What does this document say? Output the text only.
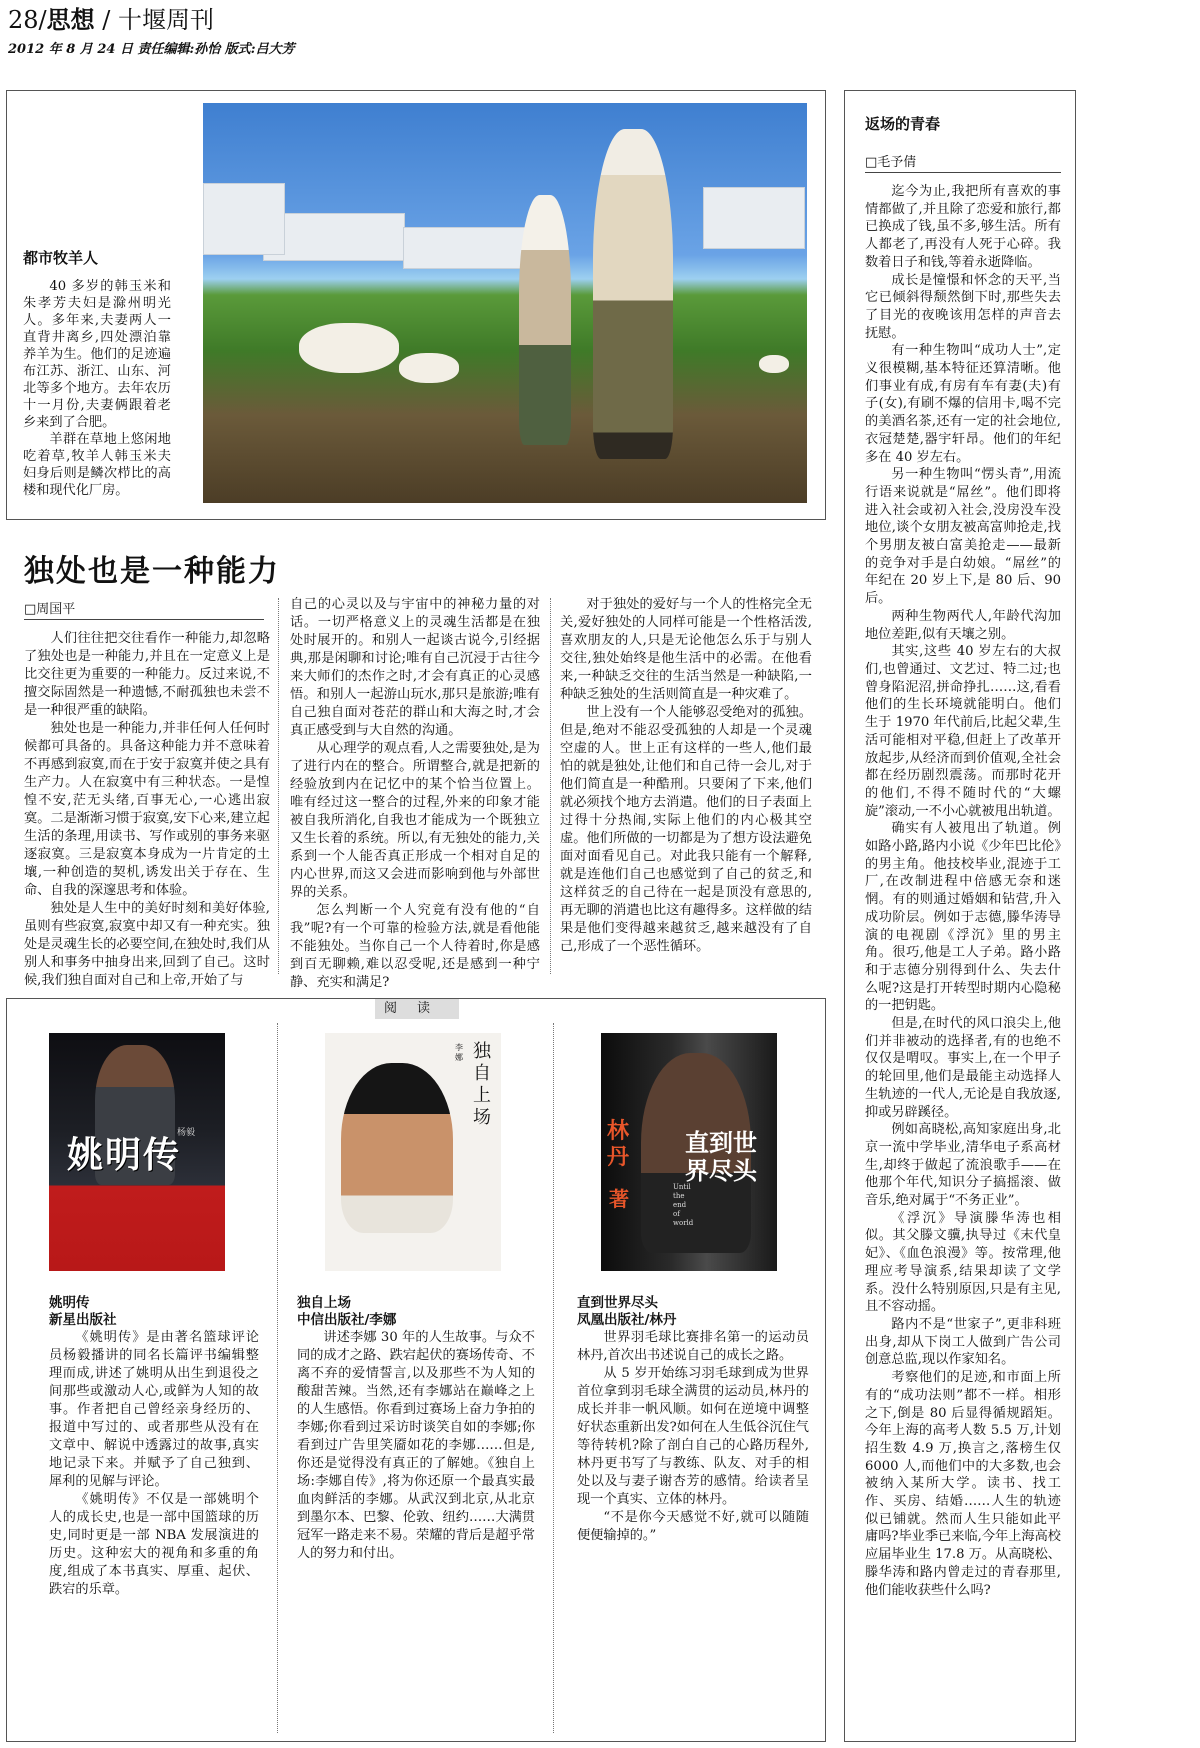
28/思想 / 十堰周刊
2012 年 8 月 24 日 责任编辑:孙怡 版式:吕大芳
都市牧羊人

40 多岁的韩玉米和朱孝芳夫妇是滁州明光人。多年来,夫妻两人一直背井离乡,四处漂泊靠养羊为生。他们的足迹遍布江苏、浙江、山东、河北等多个地方。去年农历十一月份,夫妻俩跟着老乡来到了合肥。

羊群在草地上悠闲地吃着草,牧羊人韩玉米夫妇身后则是鳞次栉比的高楼和现代化厂房。

独处也是一种能力
□周国平

人们往往把交往看作一种能力,却忽略了独处也是一种能力,并且在一定意义上是比交往更为重要的一种能力。反过来说,不擅交际固然是一种遗憾,不耐孤独也未尝不是一种很严重的缺陷。

独处也是一种能力,并非任何人任何时候都可具备的。具备这种能力并不意味着不再感到寂寞,而在于安于寂寞并使之具有生产力。人在寂寞中有三种状态。一是惶惶不安,茫无头绪,百事无心,一心逃出寂寞。二是渐渐习惯于寂寞,安下心来,建立起生活的条理,用读书、写作或别的事务来驱逐寂寞。三是寂寞本身成为一片肯定的土壤,一种创造的契机,诱发出关于存在、生命、自我的深邃思考和体验。

独处是人生中的美好时刻和美好体验,虽则有些寂寞,寂寞中却又有一种充实。独处是灵魂生长的必要空间,在独处时,我们从别人和事务中抽身出来,回到了自己。这时候,我们独自面对自己和上帝,开始了与

自己的心灵以及与宇宙中的神秘力量的对话。一切严格意义上的灵魂生活都是在独处时展开的。和别人一起谈古说今,引经据典,那是闲聊和讨论;唯有自己沉浸于古往今来大师们的杰作之时,才会有真正的心灵感悟。和别人一起游山玩水,那只是旅游;唯有自己独自面对苍茫的群山和大海之时,才会真正感受到与大自然的沟通。

从心理学的观点看,人之需要独处,是为了进行内在的整合。所谓整合,就是把新的经验放到内在记忆中的某个恰当位置上。唯有经过这一整合的过程,外来的印象才能被自我所消化,自我也才能成为一个既独立又生长着的系统。所以,有无独处的能力,关系到一个人能否真正形成一个相对自足的内心世界,而这又会进而影响到他与外部世界的关系。

怎么判断一个人究竟有没有他的“自我”呢?有一个可靠的检验方法,就是看他能不能独处。当你自己一个人待着时,你是感到百无聊赖,难以忍受呢,还是感到一种宁静、充实和满足?

对于独处的爱好与一个人的性格完全无关,爱好独处的人同样可能是一个性格活泼,喜欢朋友的人,只是无论他怎么乐于与别人交往,独处始终是他生活中的必需。在他看来,一种缺乏交往的生活当然是一种缺陷,一种缺乏独处的生活则简直是一种灾难了。

世上没有一个人能够忍受绝对的孤独。但是,绝对不能忍受孤独的人却是一个灵魂空虚的人。世上正有这样的一些人,他们最怕的就是独处,让他们和自己待一会儿,对于他们简直是一种酷刑。只要闲了下来,他们就必须找个地方去消遣。他们的日子表面上过得十分热闹,实际上他们的内心极其空虚。他们所做的一切都是为了想方设法避免面对面看见自己。对此我只能有一个解释,就是连他们自己也感觉到了自己的贫乏,和这样贫乏的自己待在一起是顶没有意思的,再无聊的消遣也比这有趣得多。这样做的结果是他们变得越来越贫乏,越来越没有了自己,形成了一个恶性循环。

阅读
姚明传
杨毅
姚明传
新星出版社

《姚明传》是由著名篮球评论员杨毅播讲的同名长篇评书编辑整理而成,讲述了姚明从出生到退役之间那些或激动人心,或鲜为人知的故事。作者把自己曾经亲身经历的、报道中写过的、或者那些从没有在文章中、解说中透露过的故事,真实地记录下来。并赋予了自己独到、犀利的见解与评论。

《姚明传》不仅是一部姚明个人的成长史,也是一部中国篮球的历史,同时更是一部 NBA 发展演进的历史。这种宏大的视角和多重的角度,组成了本书真实、厚重、起伏、跌宕的乐章。

独自上场
李娜
独自上场
中信出版社/李娜

讲述李娜 30 年的人生故事。与众不同的成才之路、跌宕起伏的赛场传奇、不离不弃的爱情誓言,以及那些不为人知的酸甜苦辣。当然,还有李娜站在巅峰之上的人生感悟。你看到过赛场上奋力争拍的李娜;你看到过采访时谈笑自如的李娜;你看到过广告里笑靥如花的李娜……但是,你还是觉得没有真正的了解她。《独自上场:李娜自传》,将为你还原一个最真实最血肉鲜活的李娜。从武汉到北京,从北京到墨尔本、巴黎、伦敦、纽约……大满贯冠军一路走来不易。荣耀的背后是超乎常人的努力和付出。

林丹
著
直到世界尽头
Until the end of world
直到世界尽头
凤凰出版社/林丹

世界羽毛球比赛排名第一的运动员林丹,首次出书述说自己的成长之路。

从 5 岁开始练习羽毛球到成为世界首位拿到羽毛球全满贯的运动员,林丹的成长并非一帆风顺。如何在逆境中调整好状态重新出发?如何在人生低谷沉住气等待转机?除了剖白自己的心路历程外,林丹更书写了与教练、队友、对手的相处以及与妻子谢杏芳的感情。给读者呈现一个真实、立体的林丹。

“不是你今天感觉不好,就可以随随便便输掉的。”

返场的青春
□毛予倩

迄今为止,我把所有喜欢的事情都做了,并且除了恋爱和旅行,都已换成了钱,虽不多,够生活。所有人都老了,再没有人死于心碎。我数着日子和钱,等着永逝降临。

成长是憧憬和怀念的天平,当它已倾斜得颓然倒下时,那些失去了目光的夜晚该用怎样的声音去抚慰。

有一种生物叫“成功人士”,定义很模糊,基本特征还算清晰。他们事业有成,有房有车有妻(夫)有子(女),有刷不爆的信用卡,喝不完的美酒名茶,还有一定的社会地位,衣冠楚楚,器宇轩昂。他们的年纪多在 40 岁左右。

另一种生物叫“愣头青”,用流行语来说就是“屌丝”。他们即将进入社会或初入社会,没房没车没地位,谈个女朋友被高富帅抢走,找个男朋友被白富美抢走——最新的竞争对手是白幼娘。“屌丝”的年纪在 20 岁上下,是 80 后、90 后。

两种生物两代人,年龄代沟加地位差距,似有天壤之别。

其实,这些 40 岁左右的大叔们,也曾通过、文艺过、特二过;也曾身陷泥沼,拼命挣扎……这,看看他们的生长环境就能明白。他们生于 1970 年代前后,比起父辈,生活可能相对平稳,但赶上了改革开放起步,从经济而到价值观,全社会都在经历剧烈震荡。而那时花开的他们,不得不随时代的“大螺旋”滚动,一不小心就被甩出轨道。

确实有人被甩出了轨道。例如路小路,路内小说《少年巴比伦》的男主角。他技校毕业,混迹于工厂,在改制进程中倍感无奈和迷惘。有的则通过婚姻和钻营,升入成功阶层。例如于志德,滕华涛导演的电视剧《浮沉》里的男主角。很巧,他是工人子弟。路小路和于志德分别得到什么、失去什么呢?这是打开转型时期内心隐秘的一把钥匙。

但是,在时代的风口浪尖上,他们并非被动的选择者,有的也绝不仅仅是喟叹。事实上,在一个甲子的轮回里,他们是最能主动选择人生轨迹的一代人,无论是自我放逐,抑或另辟蹊径。

例如高晓松,高知家庭出身,北京一流中学毕业,清华电子系高材生,却终于做起了流浪歌手——在他那个年代,知识分子搞摇滚、做音乐,绝对属于“不务正业”。

《浮沉》导演滕华涛也相似。其父滕文骥,执导过《末代皇妃》、《血色浪漫》等。按常理,他理应考导演系,结果却读了文学系。没什么特别原因,只是有主见,且不容动摇。

路内不是“世家子”,更非科班出身,却从下岗工人做到广告公司创意总监,现以作家知名。

考察他们的足迹,和市面上所有的“成功法则”都不一样。相形之下,倒是 80 后显得循规蹈矩。今年上海的高考人数 5.5 万,计划招生数 4.9 万,换言之,落榜生仅 6000 人,而他们中的大多数,也会被纳入某所大学。读书、找工作、买房、结婚……人生的轨迹似已铺就。然而人生只能如此平庸吗?毕业季已来临,今年上海高校应届毕业生 17.8 万。从高晓松、滕华涛和路内曾走过的青春那里,他们能收获些什么吗?
